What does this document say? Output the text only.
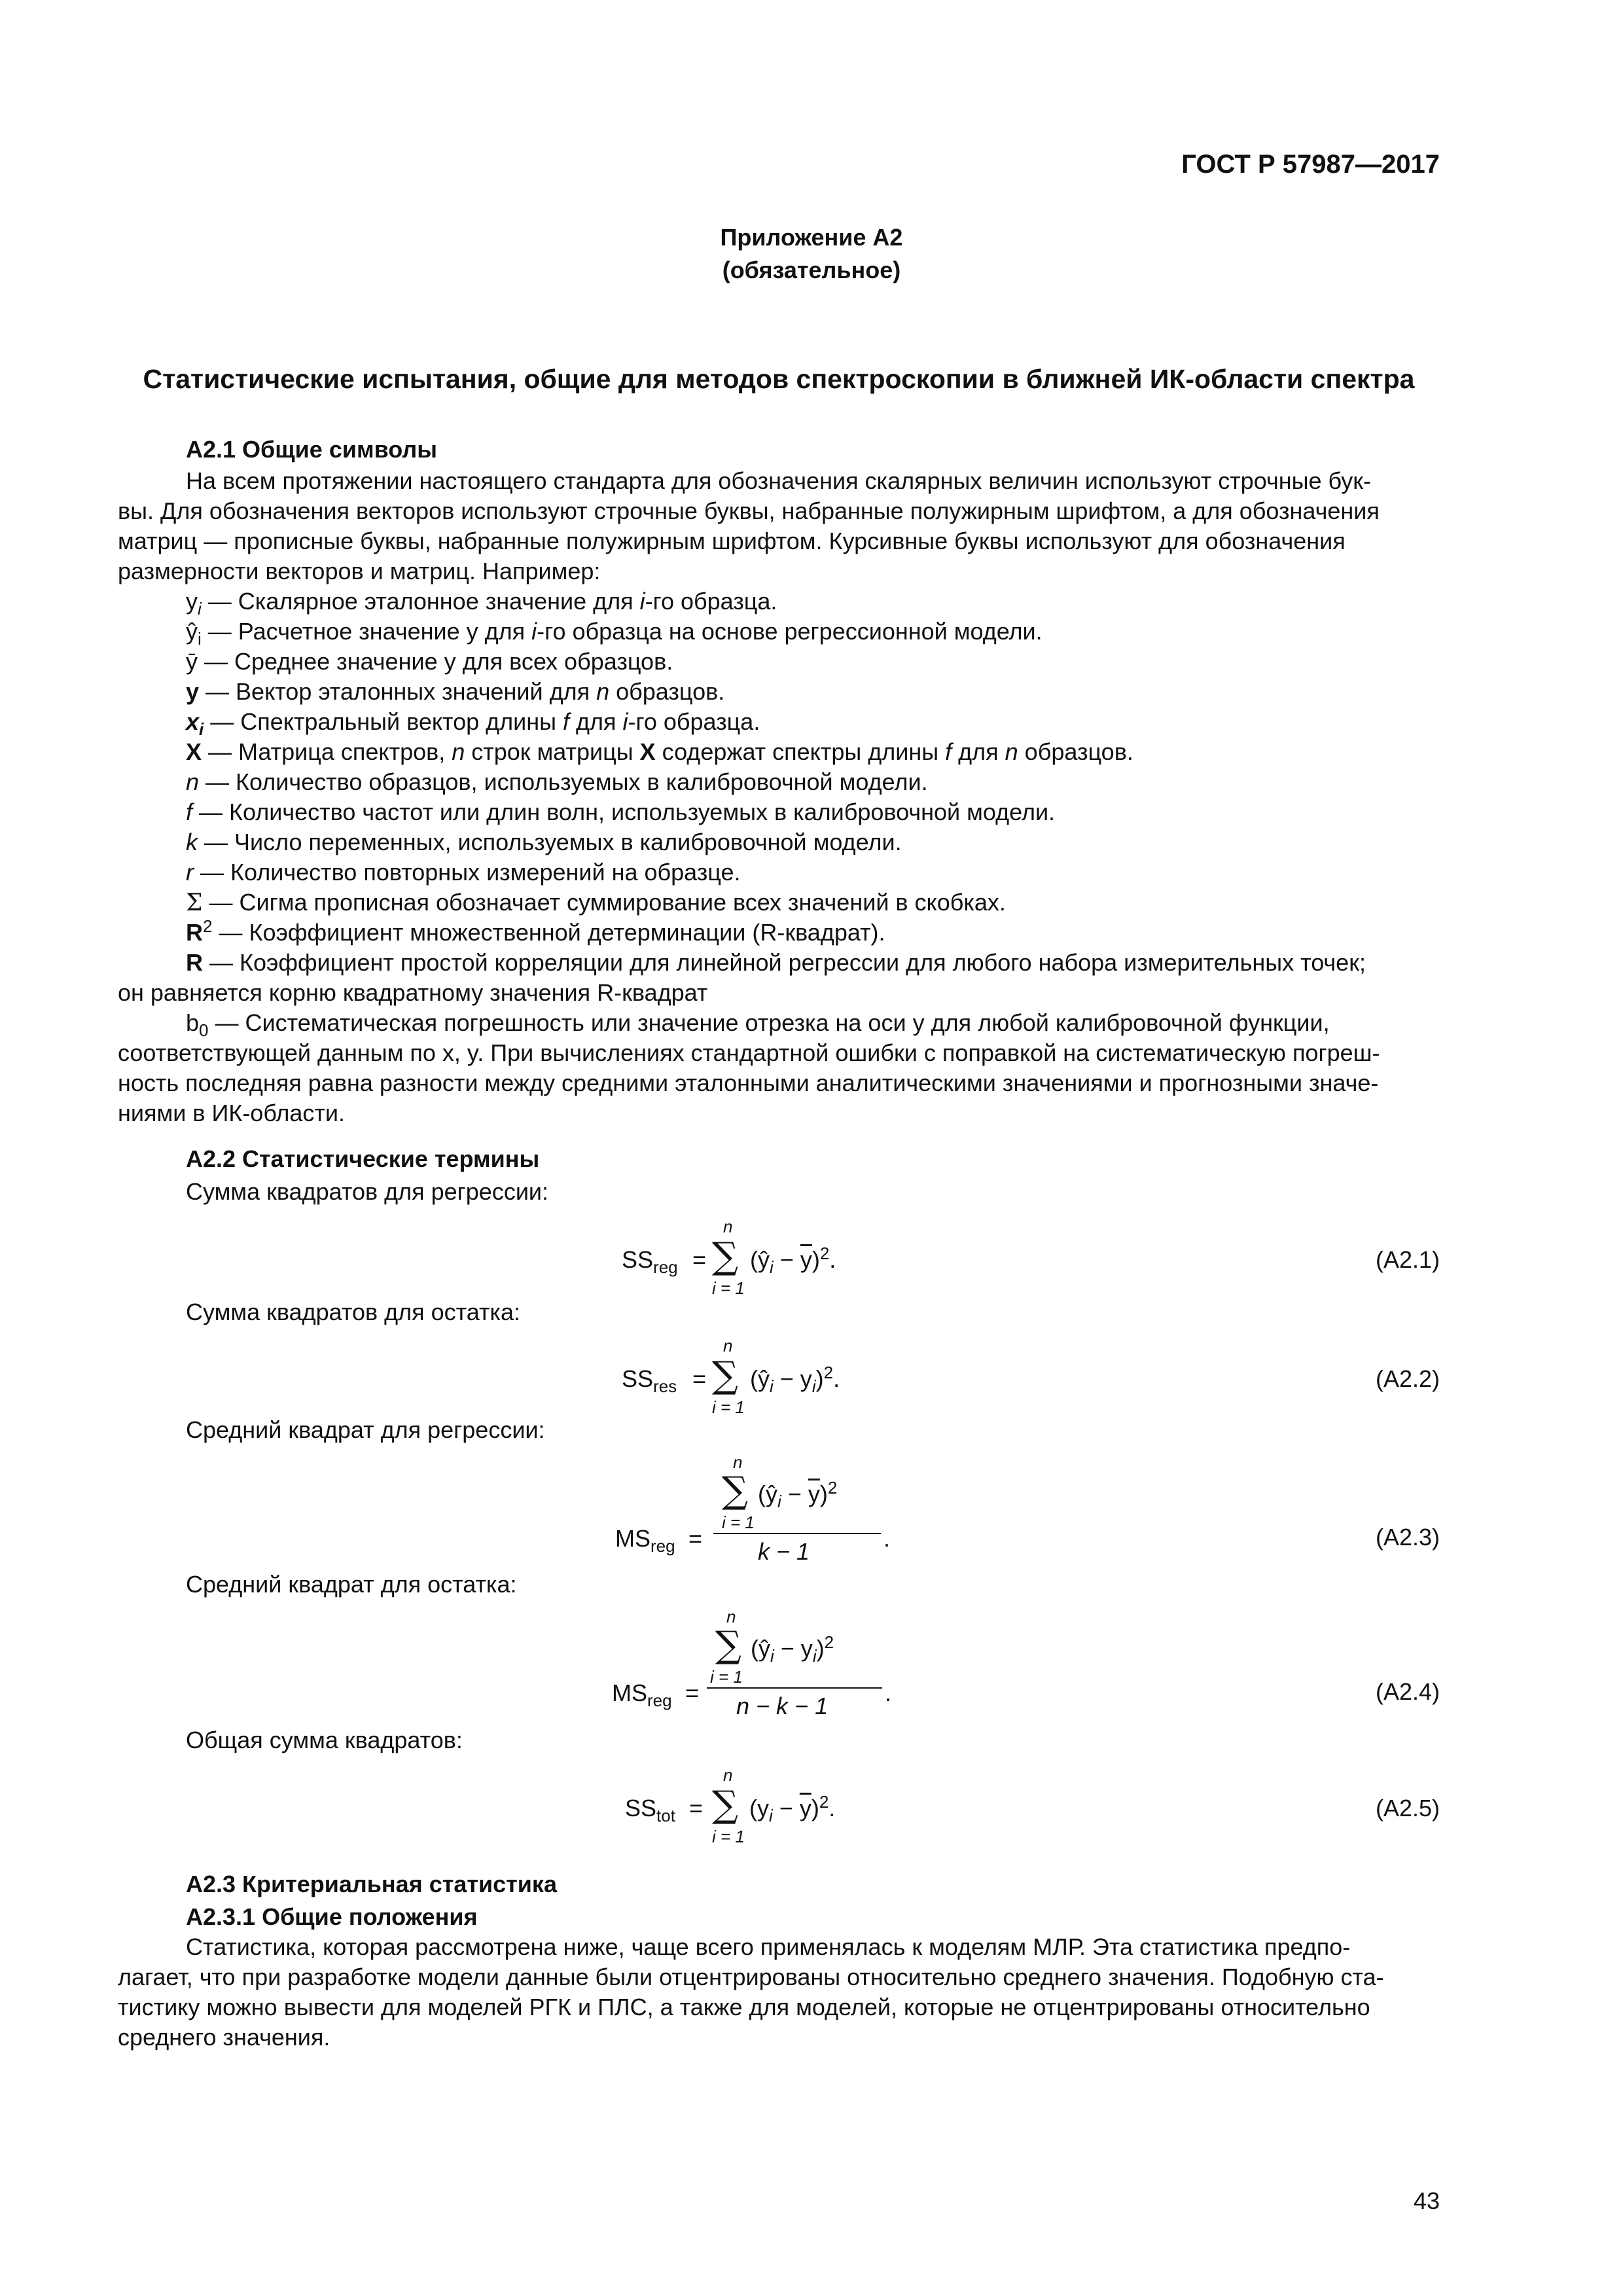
ГОСТ Р 57987—2017
Приложение А2
(обязательное)
Статистические испытания, общие для методов спектроскопии в ближней ИК-области спектра
А2.1 Общие символы
На всем протяжении настоящего стандарта для обозначения скалярных величин используют строчные бук-
вы. Для обозначения векторов используют строчные буквы, набранные полужирным шрифтом, а для обозначения
матриц — прописные буквы, набранные полужирным шрифтом. Курсивные буквы используют для обозначения
размерности векторов и матриц. Например:
$y_i$ — Скалярное эталонное значение для i-го образца.
$ŷ_i$ — Расчетное значение y для i-го образца на основе регрессионной модели.
ȳ — Среднее значение y для всех образцов.
y — Вектор эталонных значений для n образцов.
$x_i$ — Спектральный вектор длины f для i-го образца.
X — Матрица спектров, n строк матрицы X содержат спектры длины f для n образцов.
n — Количество образцов, используемых в калибровочной модели.
f — Количество частот или длин волн, используемых в калибровочной модели.
k — Число переменных, используемых в калибровочной модели.
r — Количество повторных измерений на образце.
Σ — Сигма прописная обозначает суммирование всех значений в скобках.
$R^2$ — Коэффициент множественной детерминации (R-квадрат).
R — Коэффициент простой корреляции для линейной регрессии для любого набора измерительных точек;
он равняется корню квадратному значения R-квадрат
$b_0$ — Систематическая погрешность или значение отрезка на оси y для любой калибровочной функции,
соответствующей данным по x, y. При вычислениях стандартной ошибки с поправкой на систематическую погреш-
ность последняя равна разности между средними эталонными аналитическими значениями и прогнозными значе-
ниями в ИК-области.
А2.2 Статистические термины
Сумма квадратов для регрессии:
$SS_{reg}$ =
n
∑
i = 1
$(ŷ_i - \overline{y})^2$.	(A2.1)
Сумма квадратов для остатка:
$SS_{res}$ =
n
∑
i = 1
$(ŷ_i - y_i)^2$.	(A2.2)
Средний квадрат для регрессии:
n
∑ $(ŷ_i - \overline{y})^2$
i = 1
$MS_{reg}$ =	.
k − 1
(A2.3)
Средний квадрат для остатка:
n
∑ $(ŷ_i - y_i)^2$
i = 1
$MS_{reg}$ =	.
n − k − 1
(A2.4)
Общая сумма квадратов:
$SS_{tot}$ =
n
∑
i = 1
$(y_i - \overline{y})^2$.	(A2.5)
А2.3 Критериальная статистика
А2.3.1 Общие положения
Статистика, которая рассмотрена ниже, чаще всего применялась к моделям МЛР. Эта статистика предпо-
лагает, что при разработке модели данные были отцентрированы относительно среднего значения. Подобную ста-
тистику можно вывести для моделей РГК и ПЛС, а также для моделей, которые не отцентрированы относительно
среднего значения.
43
